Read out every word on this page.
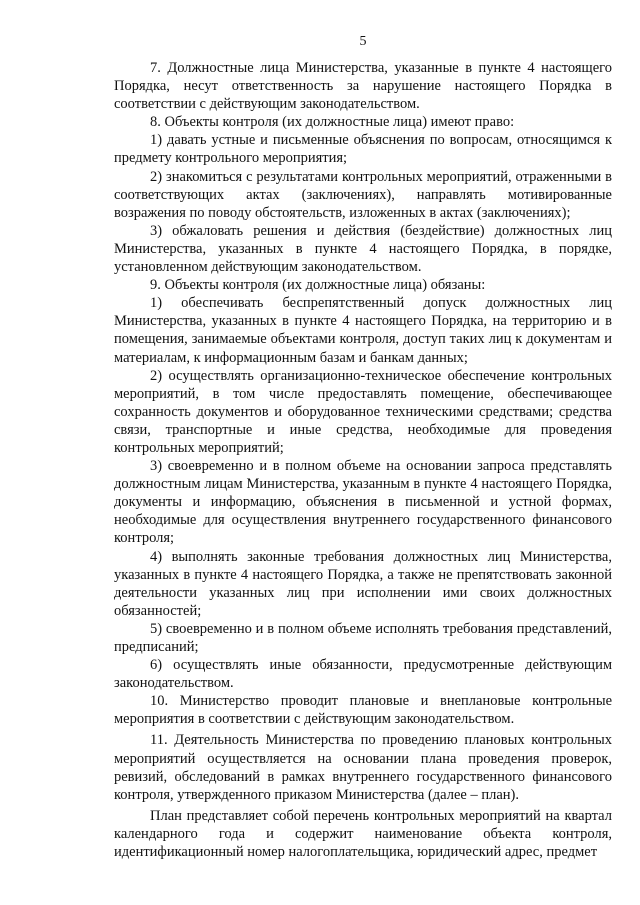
5

7. Должностные лица Министерства, указанные в пункте 4 настоящего Порядка, несут ответственность за нарушение настоящего Порядка в соответствии с действующим законодательством.

8. Объекты контроля (их должностные лица) имеют право:

1) давать устные и письменные объяснения по вопросам, относящимся к предмету контрольного мероприятия;

2) знакомиться с результатами контрольных мероприятий, отраженными в соответствующих актах (заключениях), направлять мотивированные возражения по поводу обстоятельств, изложенных в актах (заключениях);

3) обжаловать решения и действия (бездействие) должностных лиц Министерства, указанных в пункте 4 настоящего Порядка, в порядке, установленном действующим законодательством.

9. Объекты контроля (их должностные лица) обязаны:

1) обеспечивать беспрепятственный допуск должностных лиц Министерства, указанных в пункте 4 настоящего Порядка, на территорию и в помещения, занимаемые объектами контроля, доступ таких лиц к документам и материалам, к информационным базам и банкам данных;

2) осуществлять организационно-техническое обеспечение контрольных мероприятий, в том числе предоставлять помещение, обеспечивающее сохранность документов и оборудованное техническими средствами; средства связи, транспортные и иные средства, необходимые для проведения контрольных мероприятий;

3) своевременно и в полном объеме на основании запроса представлять должностным лицам Министерства, указанным в пункте 4 настоящего Порядка, документы и информацию, объяснения в письменной и устной формах, необходимые для осуществления внутреннего государственного финансового контроля;

4) выполнять законные требования должностных лиц Министерства, указанных в пункте 4 настоящего Порядка, а также не препятствовать законной деятельности указанных лиц при исполнении ими своих должностных обязанностей;

5) своевременно и в полном объеме исполнять требования представлений, предписаний;

6) осуществлять иные обязанности, предусмотренные действующим законодательством.

10. Министерство проводит плановые и внеплановые контрольные мероприятия в соответствии с действующим законодательством.

11. Деятельность Министерства по проведению плановых контрольных мероприятий осуществляется на основании плана проведения проверок, ревизий, обследований в рамках внутреннего государственного финансового контроля, утвержденного приказом Министерства (далее – план).

План представляет собой перечень контрольных мероприятий на квартал календарного года и содержит наименование объекта контроля, идентификационный номер налогоплательщика, юридический адрес, предмет
